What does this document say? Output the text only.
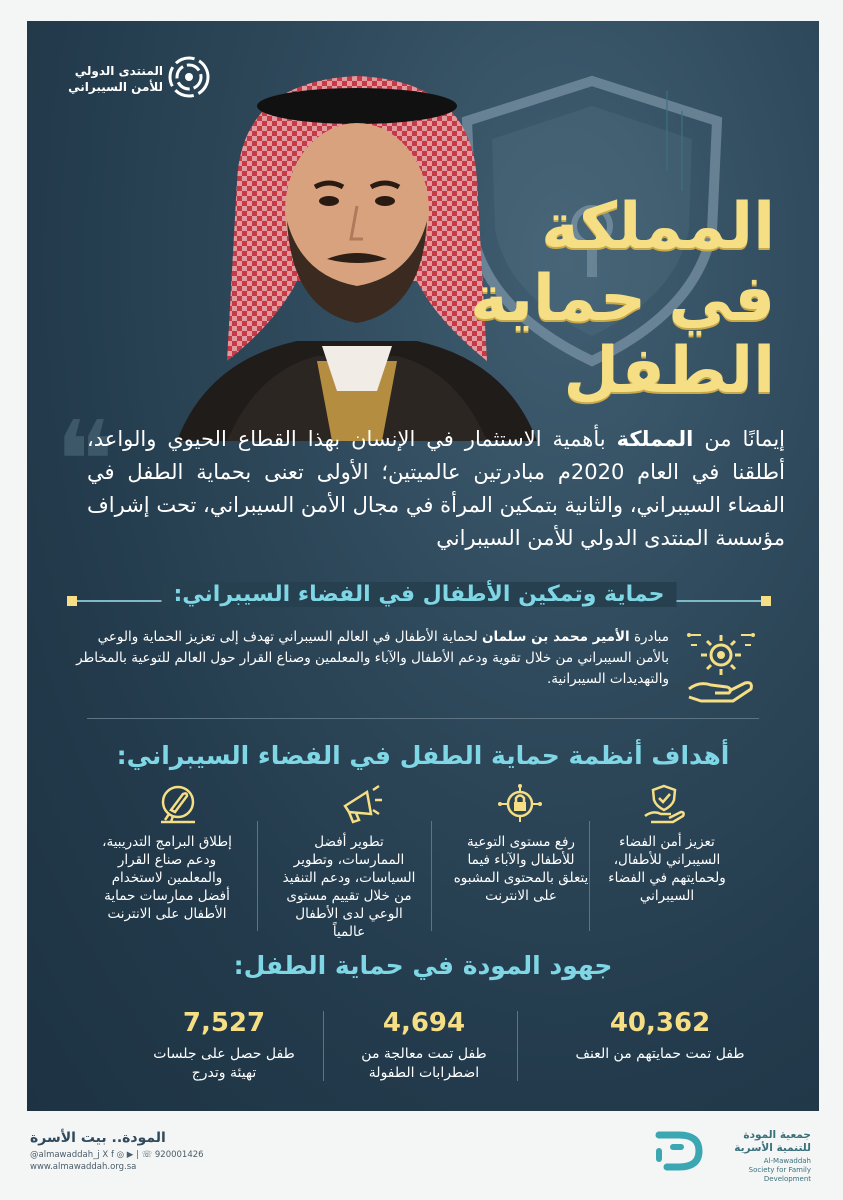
المنتدى الدولي
للأمن السيبراني
المملكة
في حماية
الطفل
❝	إيمانًا من المملكة بأهمية الاستثمار في الإنسان بهذا القطاع الحيوي والواعد، أطلقنا في العام 2020م مبادرتين عالميتين؛ الأولى تعنى بحماية الطفل في الفضاء السيبراني، والثانية بتمكين المرأة في مجال الأمن السيبراني، تحت إشراف مؤسسة المنتدى الدولي للأمن السيبراني

حماية وتمكين الأطفال في الفضاء السيبراني:

مبادرة الأمير محمد بن سلمان لحماية الأطفال في العالم السيبراني تهدف إلى تعزيز الحماية والوعي بالأمن السيبراني من خلال تقوية ودعم الأطفال والآباء والمعلمين وصناع القرار حول العالم للتوعية بالمخاطر والتهديدات السيبرانية.

أهداف أنظمة حماية الطفل في الفضاء السيبراني:
تعزيز أمن الفضاء السيبراني للأطفال، ولحمايتهم في الفضاء السيبراني
رفع مستوى التوعية للأطفال والآباء فيما يتعلق بالمحتوى المشبوه على الانترنت
تطوير أفضل الممارسات، وتطوير السياسات، ودعم التنفيذ من خلال تقييم مستوى الوعي لدى الأطفال عالمياً
إطلاق البرامج التدريبية، ودعم صناع القرار والمعلمين لاستخدام أفضل ممارسات حماية الأطفال على الانترنت
جهود المودة في حماية الطفل:
40,362
طفل تمت حمايتهم من العنف
4,694
طفل تمت معالجة من اضطرابات الطفولة
7,527
طفل حصل على جلسات تهيئة وتدرج
المودة.. بيت الأسرة
@almawaddah_j X f ◎ ▶ | ☏ 920001426
www.almawaddah.org.sa
جمعية المودة
للتنمية الأسرية
Al-Mawaddah Society for Family Development
